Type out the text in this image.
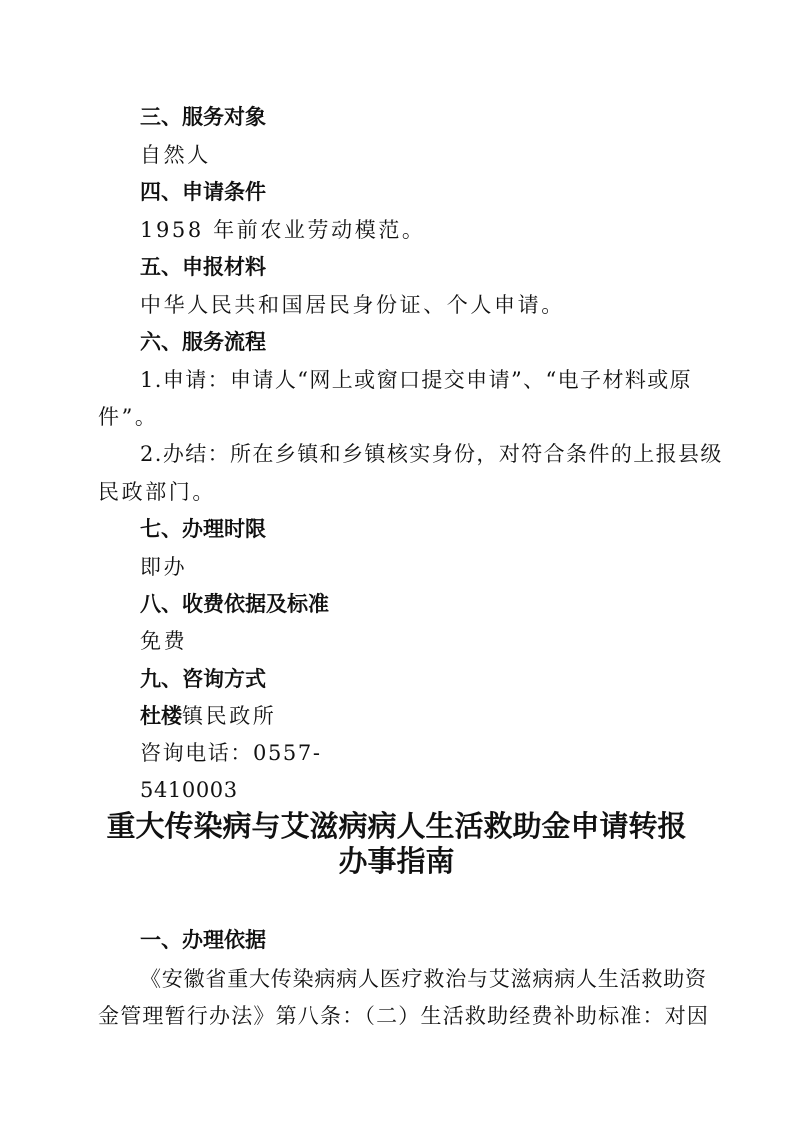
三、服务对象
自然人
四、申请条件
1958 年前农业劳动模范。
五、申报材料
中华人民共和国居民身份证、个人申请。
六、服务流程
1.申请：申请人“网上或窗口提交申请”、“电子材料或原
件”。
2.办结：所在乡镇和乡镇核实身份，对符合条件的上报县级
民政部门。
七、办理时限
即办
八、收费依据及标准
免费
九、咨询方式
杜楼镇民政所
咨询电话：0557-
5410003
重大传染病与艾滋病病人生活救助金申请转报
办事指南
一、办理依据
《安徽省重大传染病病人医疗救治与艾滋病病人生活救助资
金管理暂行办法》第八条：（二）生活救助经费补助标准：对因
